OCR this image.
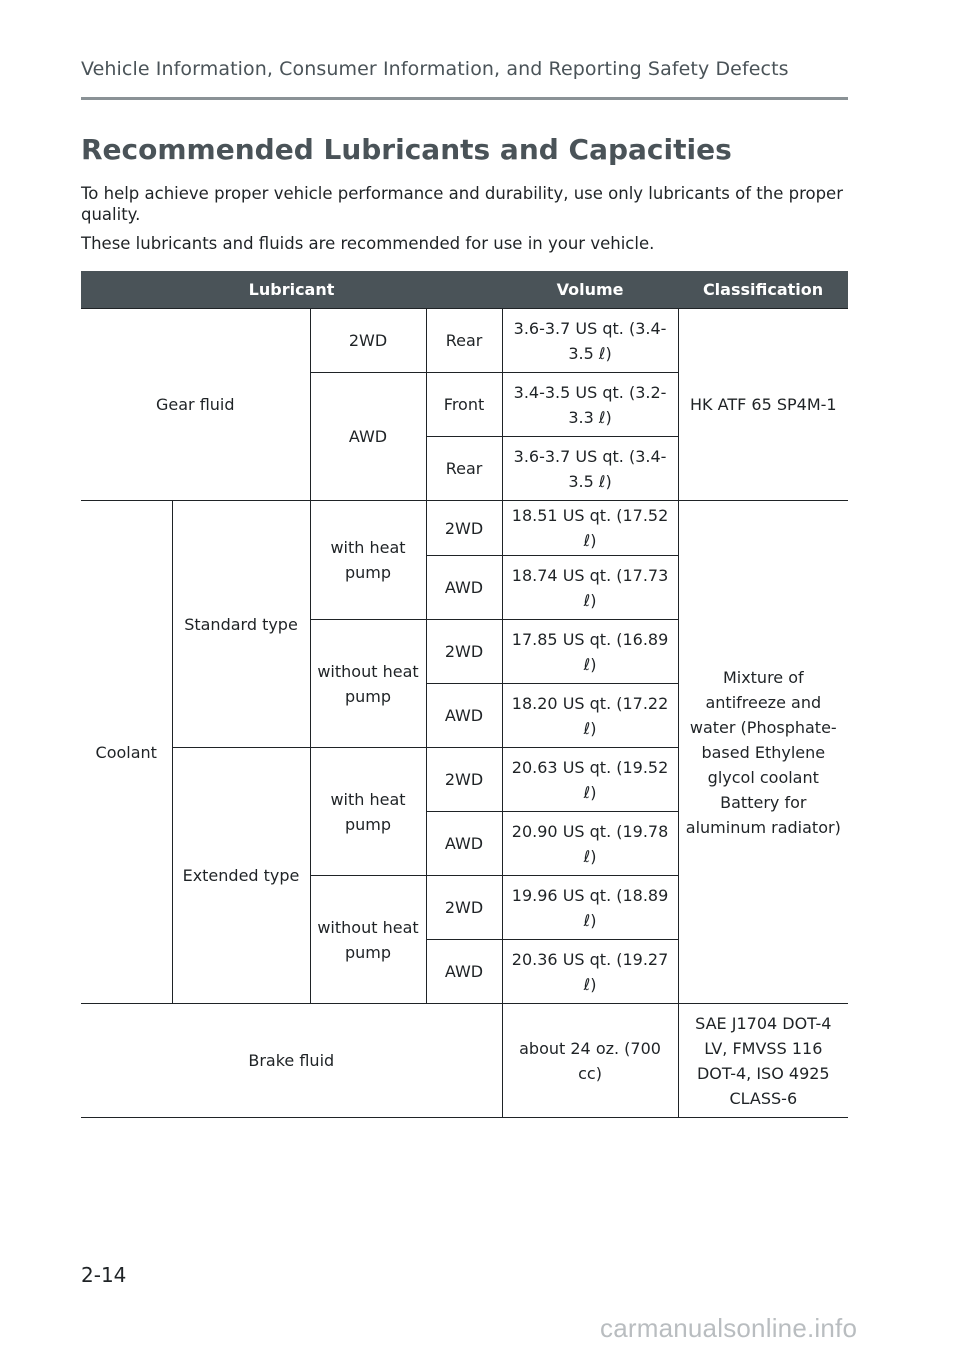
Vehicle Information, Consumer Information, and Reporting Safety Defects
Recommended Lubricants and Capacities
To help achieve proper vehicle performance and durability, use only lubricants of the proper quality.
These lubricants and fluids are recommended for use in your vehicle.
Lubricant				Volume	Classification
Gear fluid		2WD	Rear	3.6-3.7 US qt. (3.4-3.5 ℓ)	HK ATF 65 SP4M-1
		AWD	Front	3.4-3.5 US qt. (3.2-3.3 ℓ)	
			Rear	3.6-3.7 US qt. (3.4-3.5 ℓ)	
Coolant	Standard type	with heat pump	2WD	18.51 US qt. (17.52 ℓ)	Mixture of antifreeze and water (Phosphate-based Ethylene glycol coolant Battery for aluminum radiator)
			AWD	18.74 US qt. (17.73 ℓ)	
		without heat pump	2WD	17.85 US qt. (16.89 ℓ)	
			AWD	18.20 US qt. (17.22 ℓ)	
	Extended type	with heat pump	2WD	20.63 US qt. (19.52 ℓ)	
			AWD	20.90 US qt. (19.78 ℓ)	
		without heat pump	2WD	19.96 US qt. (18.89 ℓ)	
			AWD	20.36 US qt. (19.27 ℓ)	
Brake fluid				about 24 oz. (700 cc)	SAE J1704 DOT-4 LV, FMVSS 116 DOT-4, ISO 4925 CLASS-6
2-14
carmanualsonline.info
